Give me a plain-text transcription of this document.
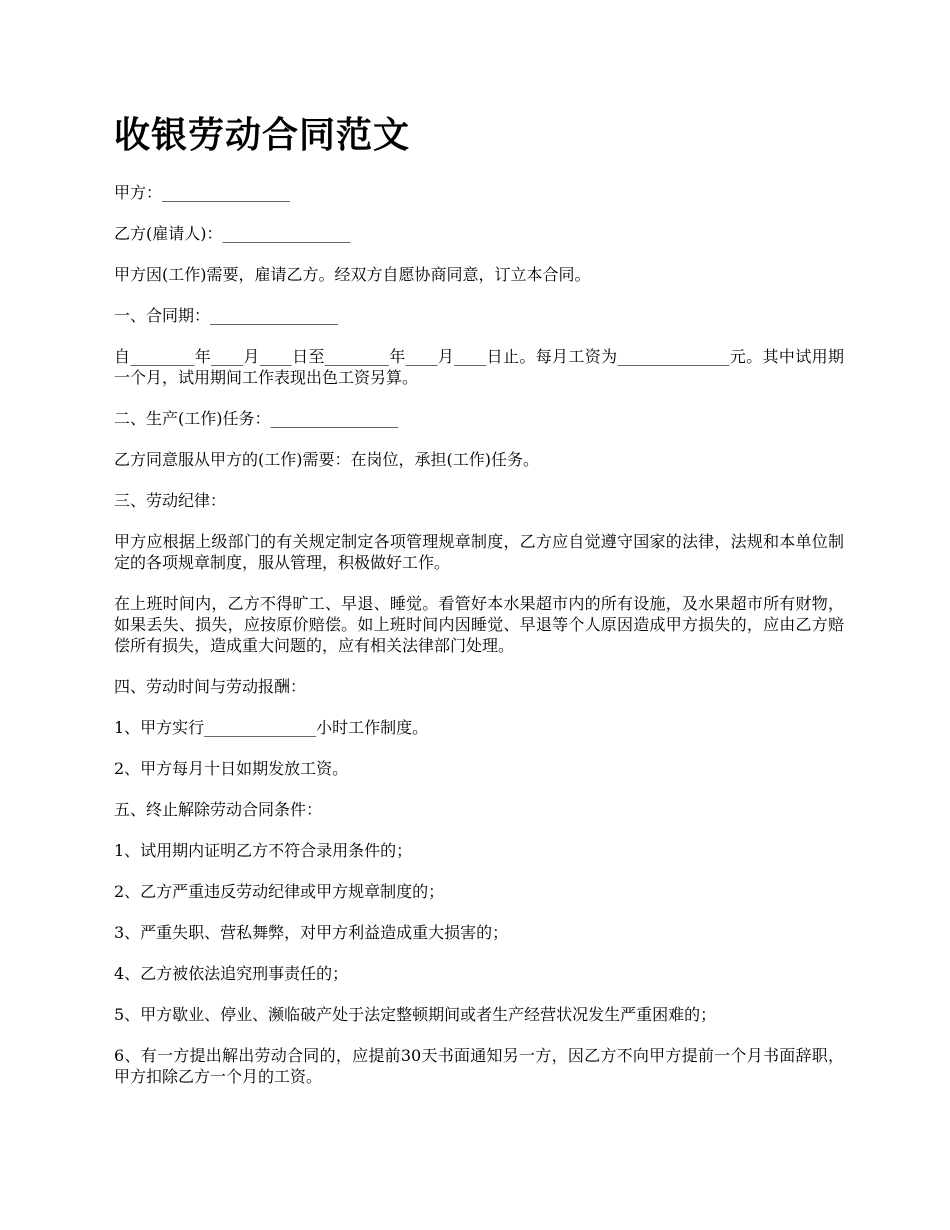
收银劳动合同范文

甲方：________________

乙方(雇请人)：________________

甲方因(工作)需要，雇请乙方。经双方自愿协商同意，订立本合同。

一、合同期：________________

自________年____月____日至________年____月____日止。每月工资为______________元。其中试用期一个月，试用期间工作表现出色工资另算。

二、生产(工作)任务：________________

乙方同意服从甲方的(工作)需要：在岗位，承担(工作)任务。

三、劳动纪律：

甲方应根据上级部门的有关规定制定各项管理规章制度，乙方应自觉遵守国家的法律，法规和本单位制定的各项规章制度，服从管理，积极做好工作。

在上班时间内，乙方不得旷工、早退、睡觉。看管好本水果超市内的所有设施，及水果超市所有财物，如果丢失、损失，应按原价赔偿。如上班时间内因睡觉、早退等个人原因造成甲方损失的，应由乙方赔偿所有损失，造成重大问题的，应有相关法律部门处理。

四、劳动时间与劳动报酬：

1、甲方实行______________小时工作制度。

2、甲方每月十日如期发放工资。

五、终止解除劳动合同条件：

1、试用期内证明乙方不符合录用条件的；

2、乙方严重违反劳动纪律或甲方规章制度的；

3、严重失职、营私舞弊，对甲方利益造成重大损害的；

4、乙方被依法追究刑事责任的；

5、甲方歇业、停业、濒临破产处于法定整顿期间或者生产经营状况发生严重困难的；

6、有一方提出解出劳动合同的，应提前30天书面通知另一方，因乙方不向甲方提前一个月书面辞职，甲方扣除乙方一个月的工资。
